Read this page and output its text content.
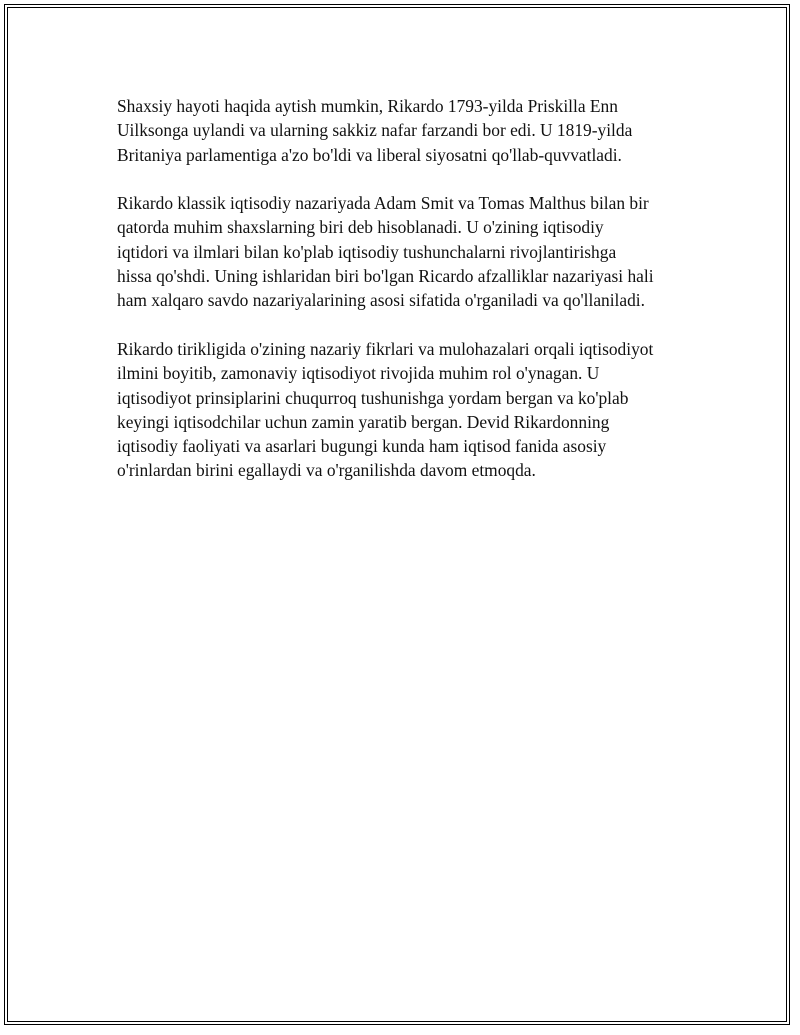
Shaxsiy hayoti haqida aytish mumkin, Rikardo 1793-yilda Priskilla Enn
Uilksonga uylandi va ularning sakkiz nafar farzandi bor edi. U 1819-yilda
Britaniya parlamentiga a'zo bo'ldi va liberal siyosatni qo'llab-quvvatladi.

Rikardo klassik iqtisodiy nazariyada Adam Smit va Tomas Malthus bilan bir
qatorda muhim shaxslarning biri deb hisoblanadi. U o'zining iqtisodiy
iqtidori va ilmlari bilan ko'plab iqtisodiy tushunchalarni rivojlantirishga
hissa qo'shdi. Uning ishlaridan biri bo'lgan Ricardo afzalliklar nazariyasi hali
ham xalqaro savdo nazariyalarining asosi sifatida o'rganiladi va qo'llaniladi.

Rikardo tirikligida o'zining nazariy fikrlari va mulohazalari orqali iqtisodiyot
ilmini boyitib, zamonaviy iqtisodiyot rivojida muhim rol o'ynagan. U
iqtisodiyot prinsiplarini chuqurroq tushunishga yordam bergan va ko'plab
keyingi iqtisodchilar uchun zamin yaratib bergan. Devid Rikardonning
iqtisodiy faoliyati va asarlari bugungi kunda ham iqtisod fanida asosiy
o'rinlardan birini egallaydi va o'rganilishda davom etmoqda.
